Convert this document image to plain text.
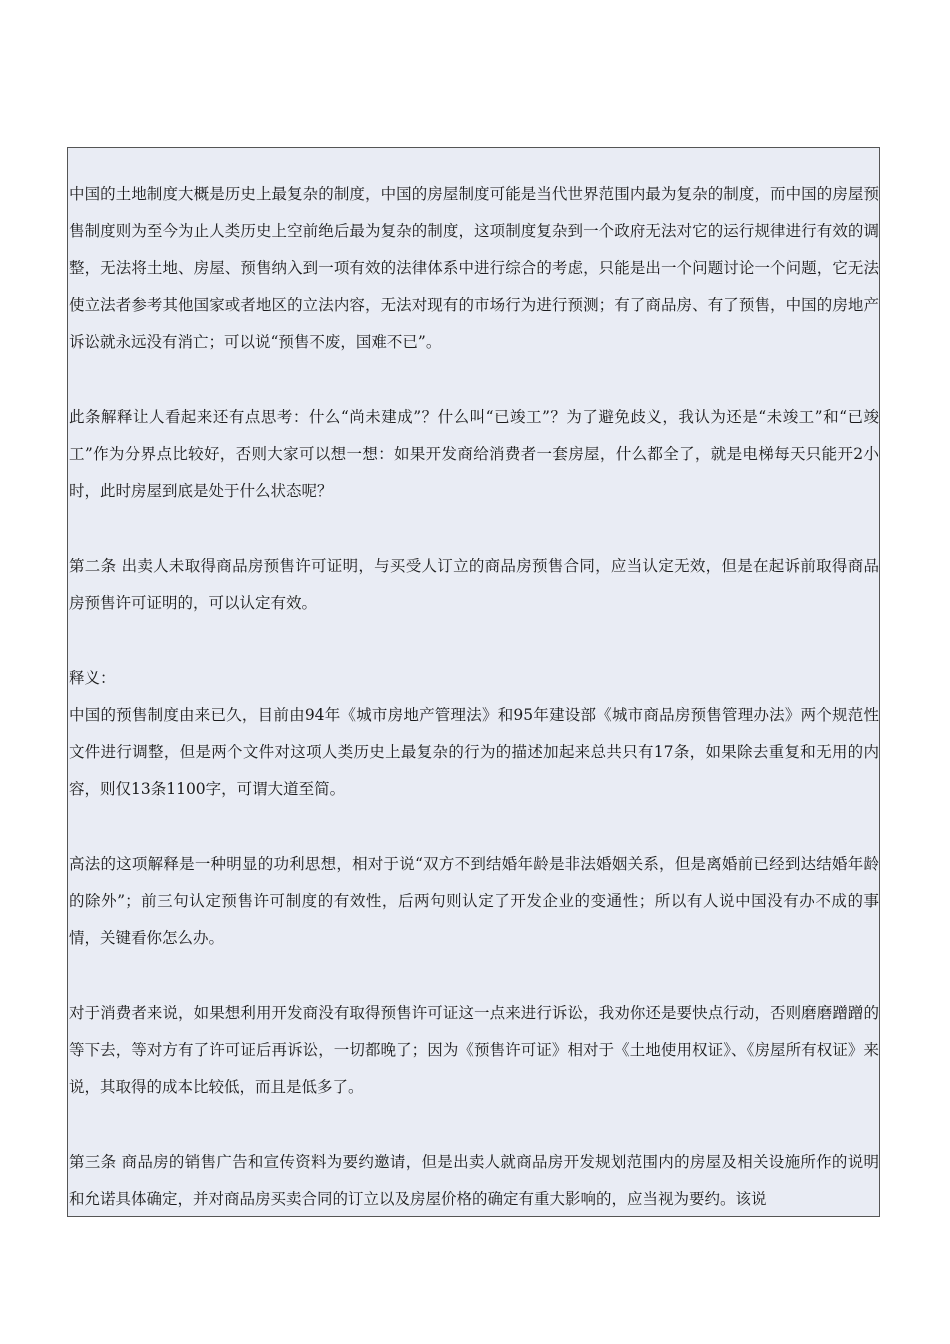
中国的土地制度大概是历史上最复杂的制度，中国的房屋制度可能是当代世界范围内最为复杂的制度，而中国的房屋预售制度则为至今为止人类历史上空前绝后最为复杂的制度，这项制度复杂到一个政府无法对它的运行规律进行有效的调整，无法将土地、房屋、预售纳入到一项有效的法律体系中进行综合的考虑，只能是出一个问题讨论一个问题，它无法使立法者参考其他国家或者地区的立法内容，无法对现有的市场行为进行预测；有了商品房、有了预售，中国的房地产诉讼就永远没有消亡；可以说“预售不废，国难不已”。

此条解释让人看起来还有点思考：什么“尚未建成”？什么叫“已竣工”？为了避免歧义，我认为还是“未竣工”和“已竣工”作为分界点比较好，否则大家可以想一想：如果开发商给消费者一套房屋，什么都全了，就是电梯每天只能开2小时，此时房屋到底是处于什么状态呢？

第二条 出卖人未取得商品房预售许可证明，与买受人订立的商品房预售合同，应当认定无效，但是在起诉前取得商品房预售许可证明的，可以认定有效。

释义：

中国的预售制度由来已久，目前由94年《城市房地产管理法》和95年建设部《城市商品房预售管理办法》两个规范性文件进行调整，但是两个文件对这项人类历史上最复杂的行为的描述加起来总共只有17条，如果除去重复和无用的内容，则仅13条1100字，可谓大道至简。

高法的这项解释是一种明显的功利思想，相对于说“双方不到结婚年龄是非法婚姻关系，但是离婚前已经到达结婚年龄的除外”；前三句认定预售许可制度的有效性，后两句则认定了开发企业的变通性；所以有人说中国没有办不成的事情，关键看你怎么办。

对于消费者来说，如果想利用开发商没有取得预售许可证这一点来进行诉讼，我劝你还是要快点行动，否则磨磨蹭蹭的等下去，等对方有了许可证后再诉讼，一切都晚了；因为《预售许可证》相对于《土地使用权证》、《房屋所有权证》来说，其取得的成本比较低，而且是低多了。

第三条 商品房的销售广告和宣传资料为要约邀请，但是出卖人就商品房开发规划范围内的房屋及相关设施所作的说明和允诺具体确定，并对商品房买卖合同的订立以及房屋价格的确定有重大影响的，应当视为要约。该说
